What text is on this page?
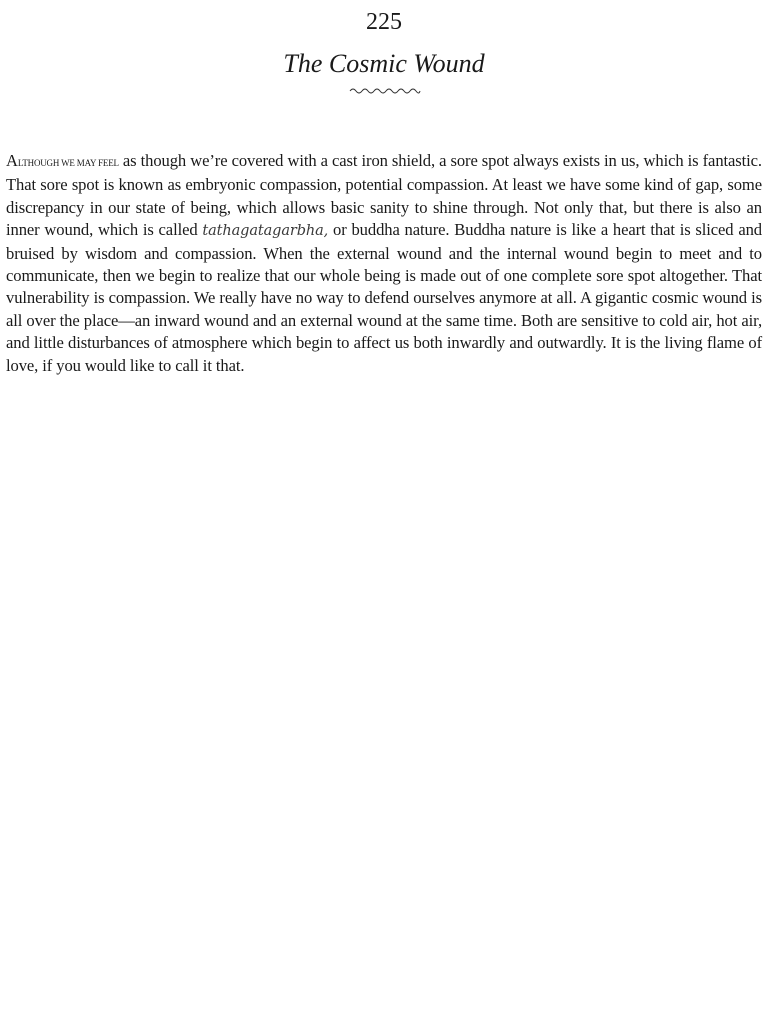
225
The Cosmic Wound

ALTHOUGH WE MAY FEEL as though we’re covered with a cast iron shield, a sore spot always exists in us, which is fantastic. That sore spot is known as embryonic compassion, potential compassion. At least we have some kind of gap, some discrepancy in our state of being, which allows basic sanity to shine through. Not only that, but there is also an inner wound, which is called tathagatagarbha, or buddha nature. Buddha nature is like a heart that is sliced and bruised by wisdom and compassion. When the external wound and the internal wound begin to meet and to communicate, then we begin to realize that our whole being is made out of one complete sore spot altogether. That vulnerability is compassion. We really have no way to defend ourselves anymore at all. A gigantic cosmic wound is all over the place—an inward wound and an external wound at the same time. Both are sensitive to cold air, hot air, and little disturbances of atmosphere which begin to affect us both inwardly and outwardly. It is the living flame of love, if you would like to call it that.
